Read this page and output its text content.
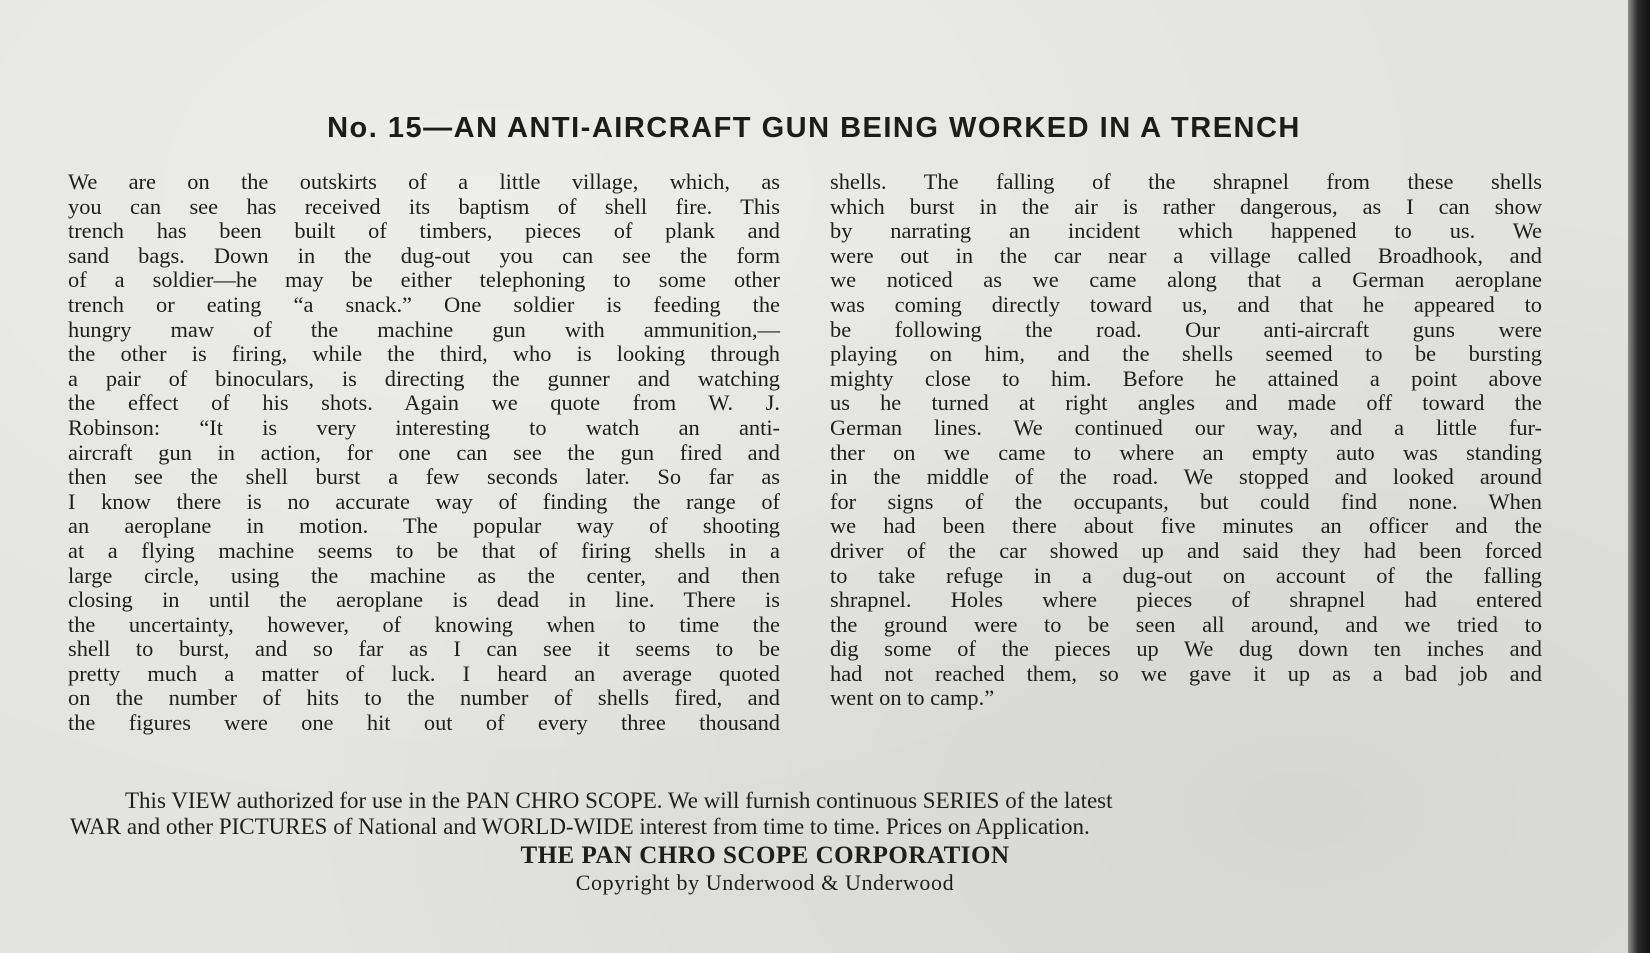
No. 15—AN ANTI-AIRCRAFT GUN BEING WORKED IN A TRENCH
We are on the outskirts of a little village, which, as
you can see has received its baptism of shell fire. This
trench has been built of timbers, pieces of plank and
sand bags. Down in the dug-out you can see the form
of a soldier—he may be either telephoning to some other
trench or eating “a snack.” One soldier is feeding the
hungry maw of the machine gun with ammunition,—
the other is firing, while the third, who is looking through
a pair of binoculars, is directing the gunner and watching
the effect of his shots. Again we quote from W. J.
Robinson: “It is very interesting to watch an anti-
aircraft gun in action, for one can see the gun fired and
then see the shell burst a few seconds later. So far as
I know there is no accurate way of finding the range of
an aeroplane in motion. The popular way of shooting
at a flying machine seems to be that of firing shells in a
large circle, using the machine as the center, and then
closing in until the aeroplane is dead in line. There is
the uncertainty, however, of knowing when to time the
shell to burst, and so far as I can see it seems to be
pretty much a matter of luck. I heard an average quoted
on the number of hits to the number of shells fired, and
the figures were one hit out of every three thousand
shells. The falling of the shrapnel from these shells
which burst in the air is rather dangerous, as I can show
by narrating an incident which happened to us. We
were out in the car near a village called Broadhook, and
we noticed as we came along that a German aeroplane
was coming directly toward us, and that he appeared to
be following the road. Our anti-aircraft guns were
playing on him, and the shells seemed to be bursting
mighty close to him. Before he attained a point above
us he turned at right angles and made off toward the
German lines. We continued our way, and a little fur-
ther on we came to where an empty auto was standing
in the middle of the road. We stopped and looked around
for signs of the occupants, but could find none. When
we had been there about five minutes an officer and the
driver of the car showed up and said they had been forced
to take refuge in a dug-out on account of the falling
shrapnel. Holes where pieces of shrapnel had entered
the ground were to be seen all around, and we tried to
dig some of the pieces up We dug down ten inches and
had not reached them, so we gave it up as a bad job and
went on to camp.”
This VIEW authorized for use in the PAN CHRO SCOPE. We will furnish continuous SERIES of the latest
WAR and other PICTURES of National and WORLD-WIDE interest from time to time. Prices on Application.
THE PAN CHRO SCOPE CORPORATION
Copyright by Underwood & Underwood
